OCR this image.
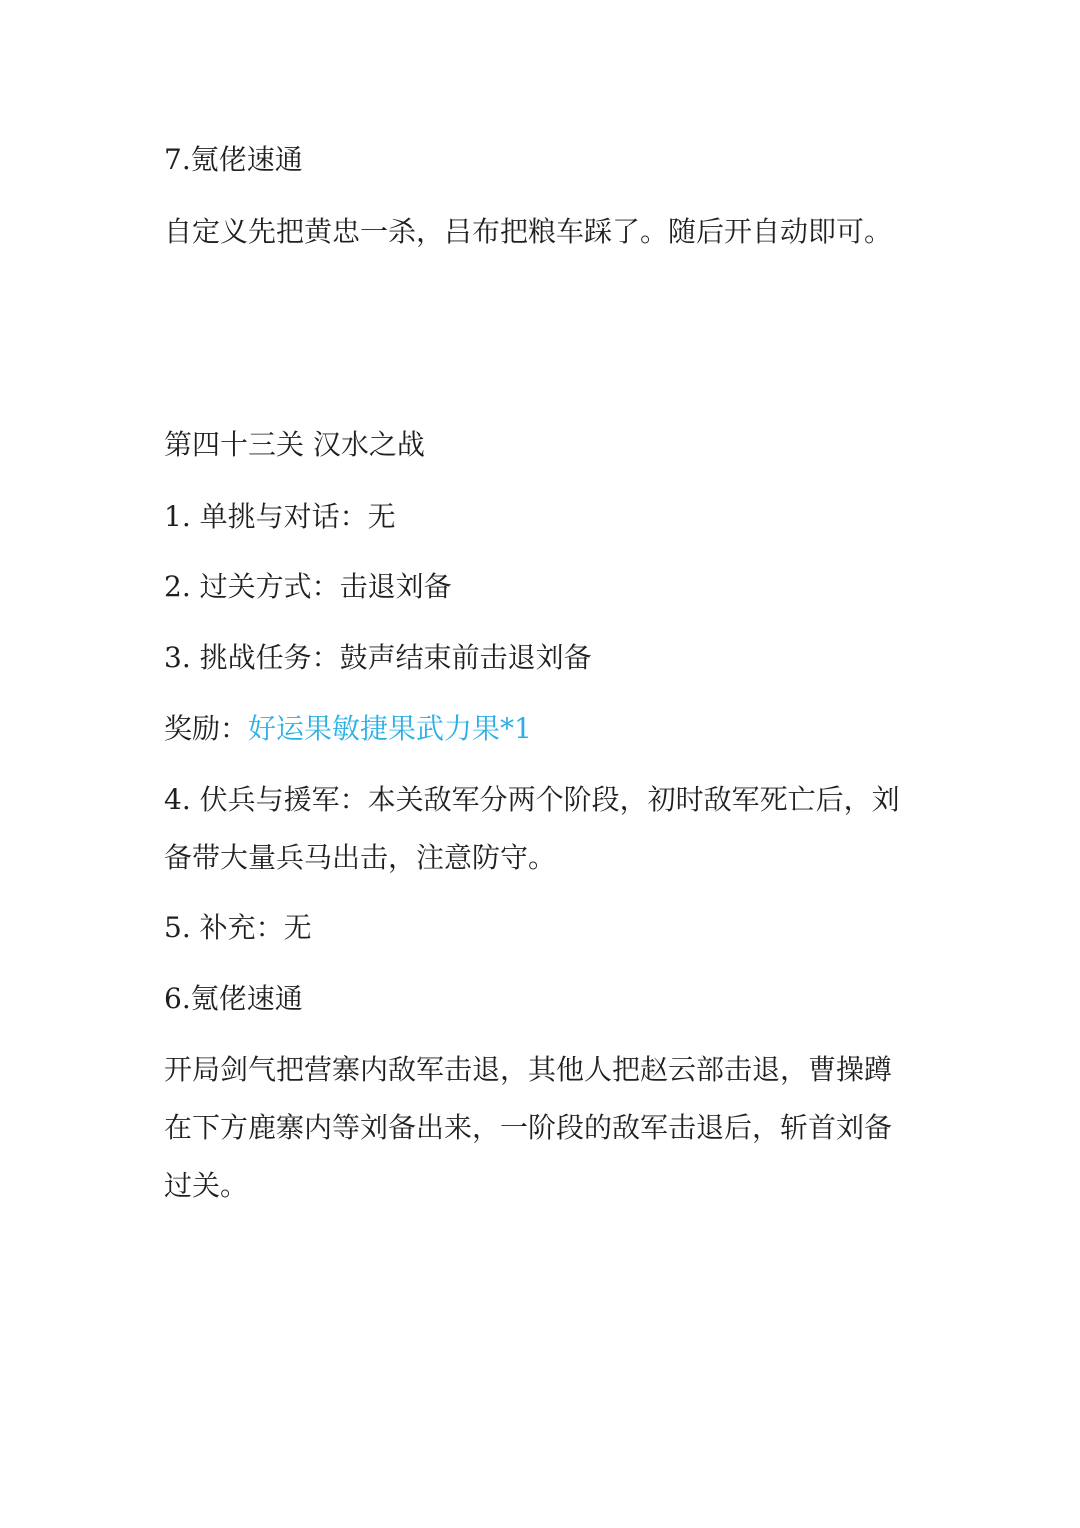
7.氪佬速通
自定义先把黄忠一杀，吕布把粮车踩了。随后开自动即可。
第四十三关 汉水之战
1. 单挑与对话：无
2. 过关方式：击退刘备
3. 挑战任务：鼓声结束前击退刘备
奖励：好运果敏捷果武力果*1
4. 伏兵与援军：本关敌军分两个阶段，初时敌军死亡后，刘
备带大量兵马出击，注意防守。
5. 补充：无
6.氪佬速通
开局剑气把营寨内敌军击退，其他人把赵云部击退，曹操蹲
在下方鹿寨内等刘备出来，一阶段的敌军击退后，斩首刘备
过关。
